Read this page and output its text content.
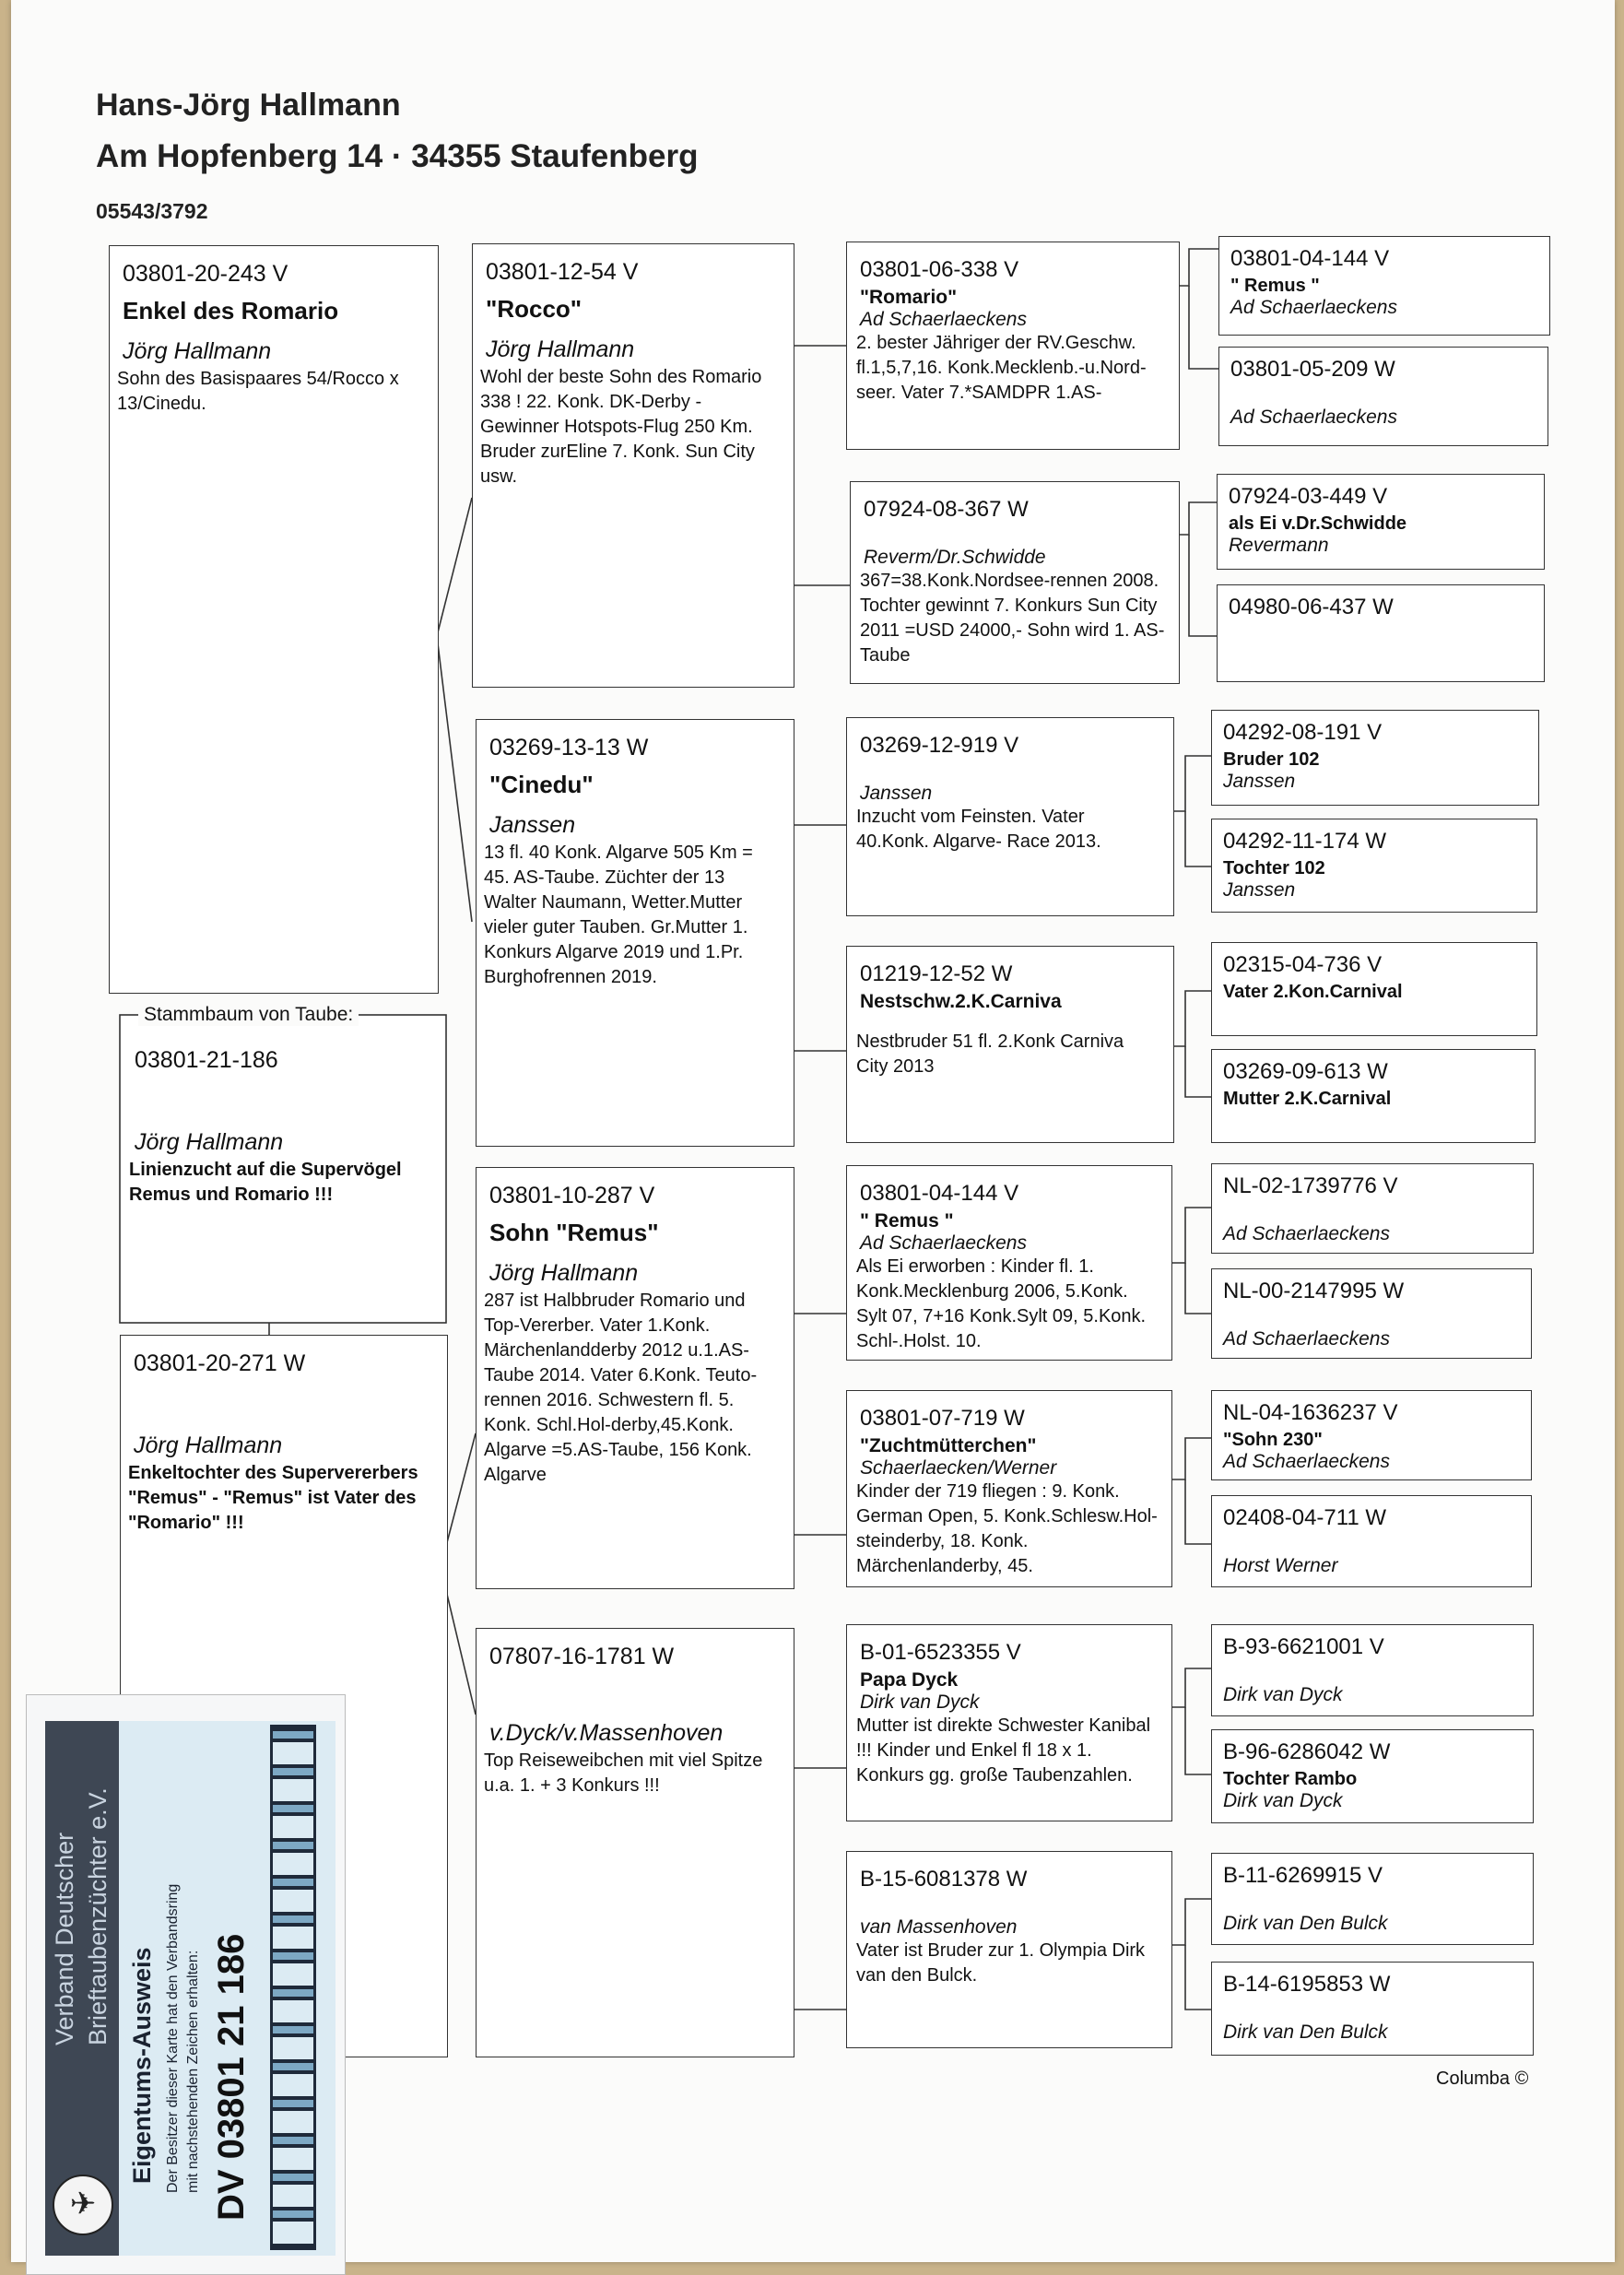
Hans-Jörg Hallmann
Am Hopfenberg 14 · 34355 Staufenberg
05543/3792
03801-20-243 V
Enkel des Romario
Jörg Hallmann
Sohn des Basispaares 54/Rocco x 13/Cinedu.
Stammbaum von Taube:
03801-21-186
Jörg Hallmann
Linienzucht auf die Supervögel Remus und Romario !!!
03801-20-271 W
Jörg Hallmann
Enkeltochter des Supervererbers "Remus" - "Remus" ist Vater des "Romario" !!!
03801-12-54 V
"Rocco"
Jörg Hallmann
Wohl der beste Sohn des Romario 338 ! 22. Konk. DK-Derby - Gewinner Hotspots-Flug 250 Km. Bruder zurEline 7. Konk. Sun City usw.
03269-13-13 W
"Cinedu"
Janssen
13 fl. 40 Konk. Algarve 505 Km = 45. AS-Taube. Züchter der 13 Walter Naumann, Wetter.Mutter vieler guter Tauben. Gr.Mutter 1. Konkurs Algarve 2019 und 1.Pr. Burghofrennen 2019.
03801-10-287 V
Sohn "Remus"
Jörg Hallmann
287 ist Halbbruder Romario und Top-Vererber. Vater 1.Konk. Märchenlandderby 2012 u.1.AS-Taube 2014. Vater 6.Konk. Teuto-rennen 2016. Schwestern fl. 5. Konk. Schl.Hol-derby,45.Konk. Algarve =5.AS-Taube, 156 Konk. Algarve
07807-16-1781 W
v.Dyck/v.Massenhoven
Top Reiseweibchen mit viel Spitze u.a. 1. + 3 Konkurs !!!
03801-06-338 V
"Romario"
Ad Schaerlaeckens
2. bester Jähriger der RV.Geschw. fl.1,5,7,16. Konk.Mecklenb.-u.Nord-seer. Vater 7.*SAMDPR 1.AS-
07924-08-367 W
Reverm/Dr.Schwidde
367=38.Konk.Nordsee-rennen 2008. Tochter gewinnt 7. Konkurs Sun City 2011 =USD 24000,- Sohn wird 1. AS-Taube
03269-12-919 V
Janssen
Inzucht vom Feinsten. Vater 40.Konk. Algarve- Race 2013.
01219-12-52 W
Nestschw.2.K.Carniva
Nestbruder 51 fl. 2.Konk Carniva City 2013
03801-04-144 V
" Remus "
Ad Schaerlaeckens
Als Ei erworben : Kinder fl. 1. Konk.Mecklenburg 2006, 5.Konk. Sylt 07, 7+16 Konk.Sylt 09, 5.Konk. Schl-.Holst. 10.
03801-07-719 W
"Zuchtmütterchen"
Schaerlaecken/Werner
Kinder der 719 fliegen : 9. Konk. German Open, 5. Konk.Schlesw.Hol-steinderby, 18. Konk. Märchenlanderby, 45.
B-01-6523355 V
Papa Dyck
Dirk van Dyck
Mutter ist direkte Schwester Kanibal !!! Kinder und Enkel fl 18 x 1. Konkurs gg. große Taubenzahlen.
B-15-6081378 W
van Massenhoven
Vater ist Bruder zur 1. Olympia Dirk van den Bulck.
03801-04-144 V
" Remus "
Ad Schaerlaeckens
03801-05-209 W
Ad Schaerlaeckens
07924-03-449 V
als Ei v.Dr.Schwidde
Revermann
04980-06-437 W
04292-08-191 V
Bruder 102
Janssen
04292-11-174 W
Tochter 102
Janssen
02315-04-736 V
Vater 2.Kon.Carnival
03269-09-613 W
Mutter 2.K.Carnival
NL-02-1739776 V
Ad Schaerlaeckens
NL-00-2147995 W
Ad Schaerlaeckens
NL-04-1636237 V
"Sohn 230"
Ad Schaerlaeckens
02408-04-711 W
Horst Werner
B-93-6621001 V
Dirk van Dyck
B-96-6286042 W
Tochter Rambo
Dirk van Dyck
B-11-6269915 V
Dirk van Den Bulck
B-14-6195853 W
Dirk van Den Bulck
Columba ©
Verband Deutscher Brieftaubenzüchter e.V.
Eigentums-Ausweis Der Besitzer dieser Karte hat den Verbandsring mit nachstehenden Zeichen erhalten: DV 03801 21 186
✈
